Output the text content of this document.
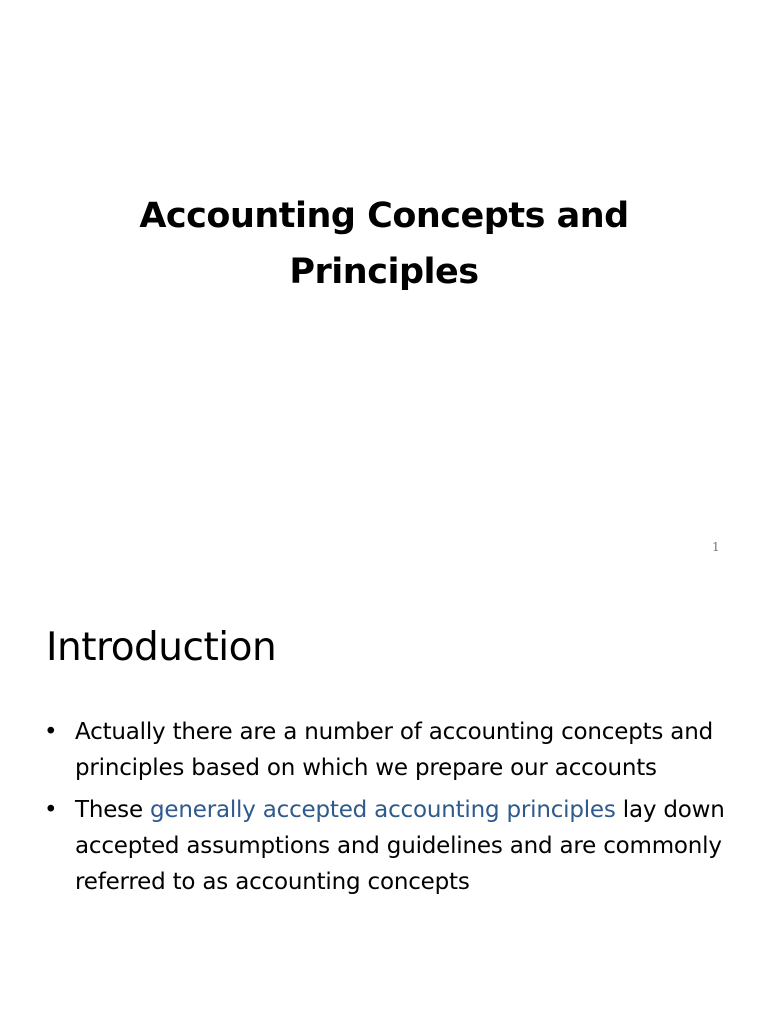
Accounting Concepts and
Principles
1
Introduction
• Actually there are a number of accounting concepts and principles based on which we prepare our accounts
• These generally accepted accounting principles lay down accepted assumptions and guidelines and are commonly referred to as accounting concepts
